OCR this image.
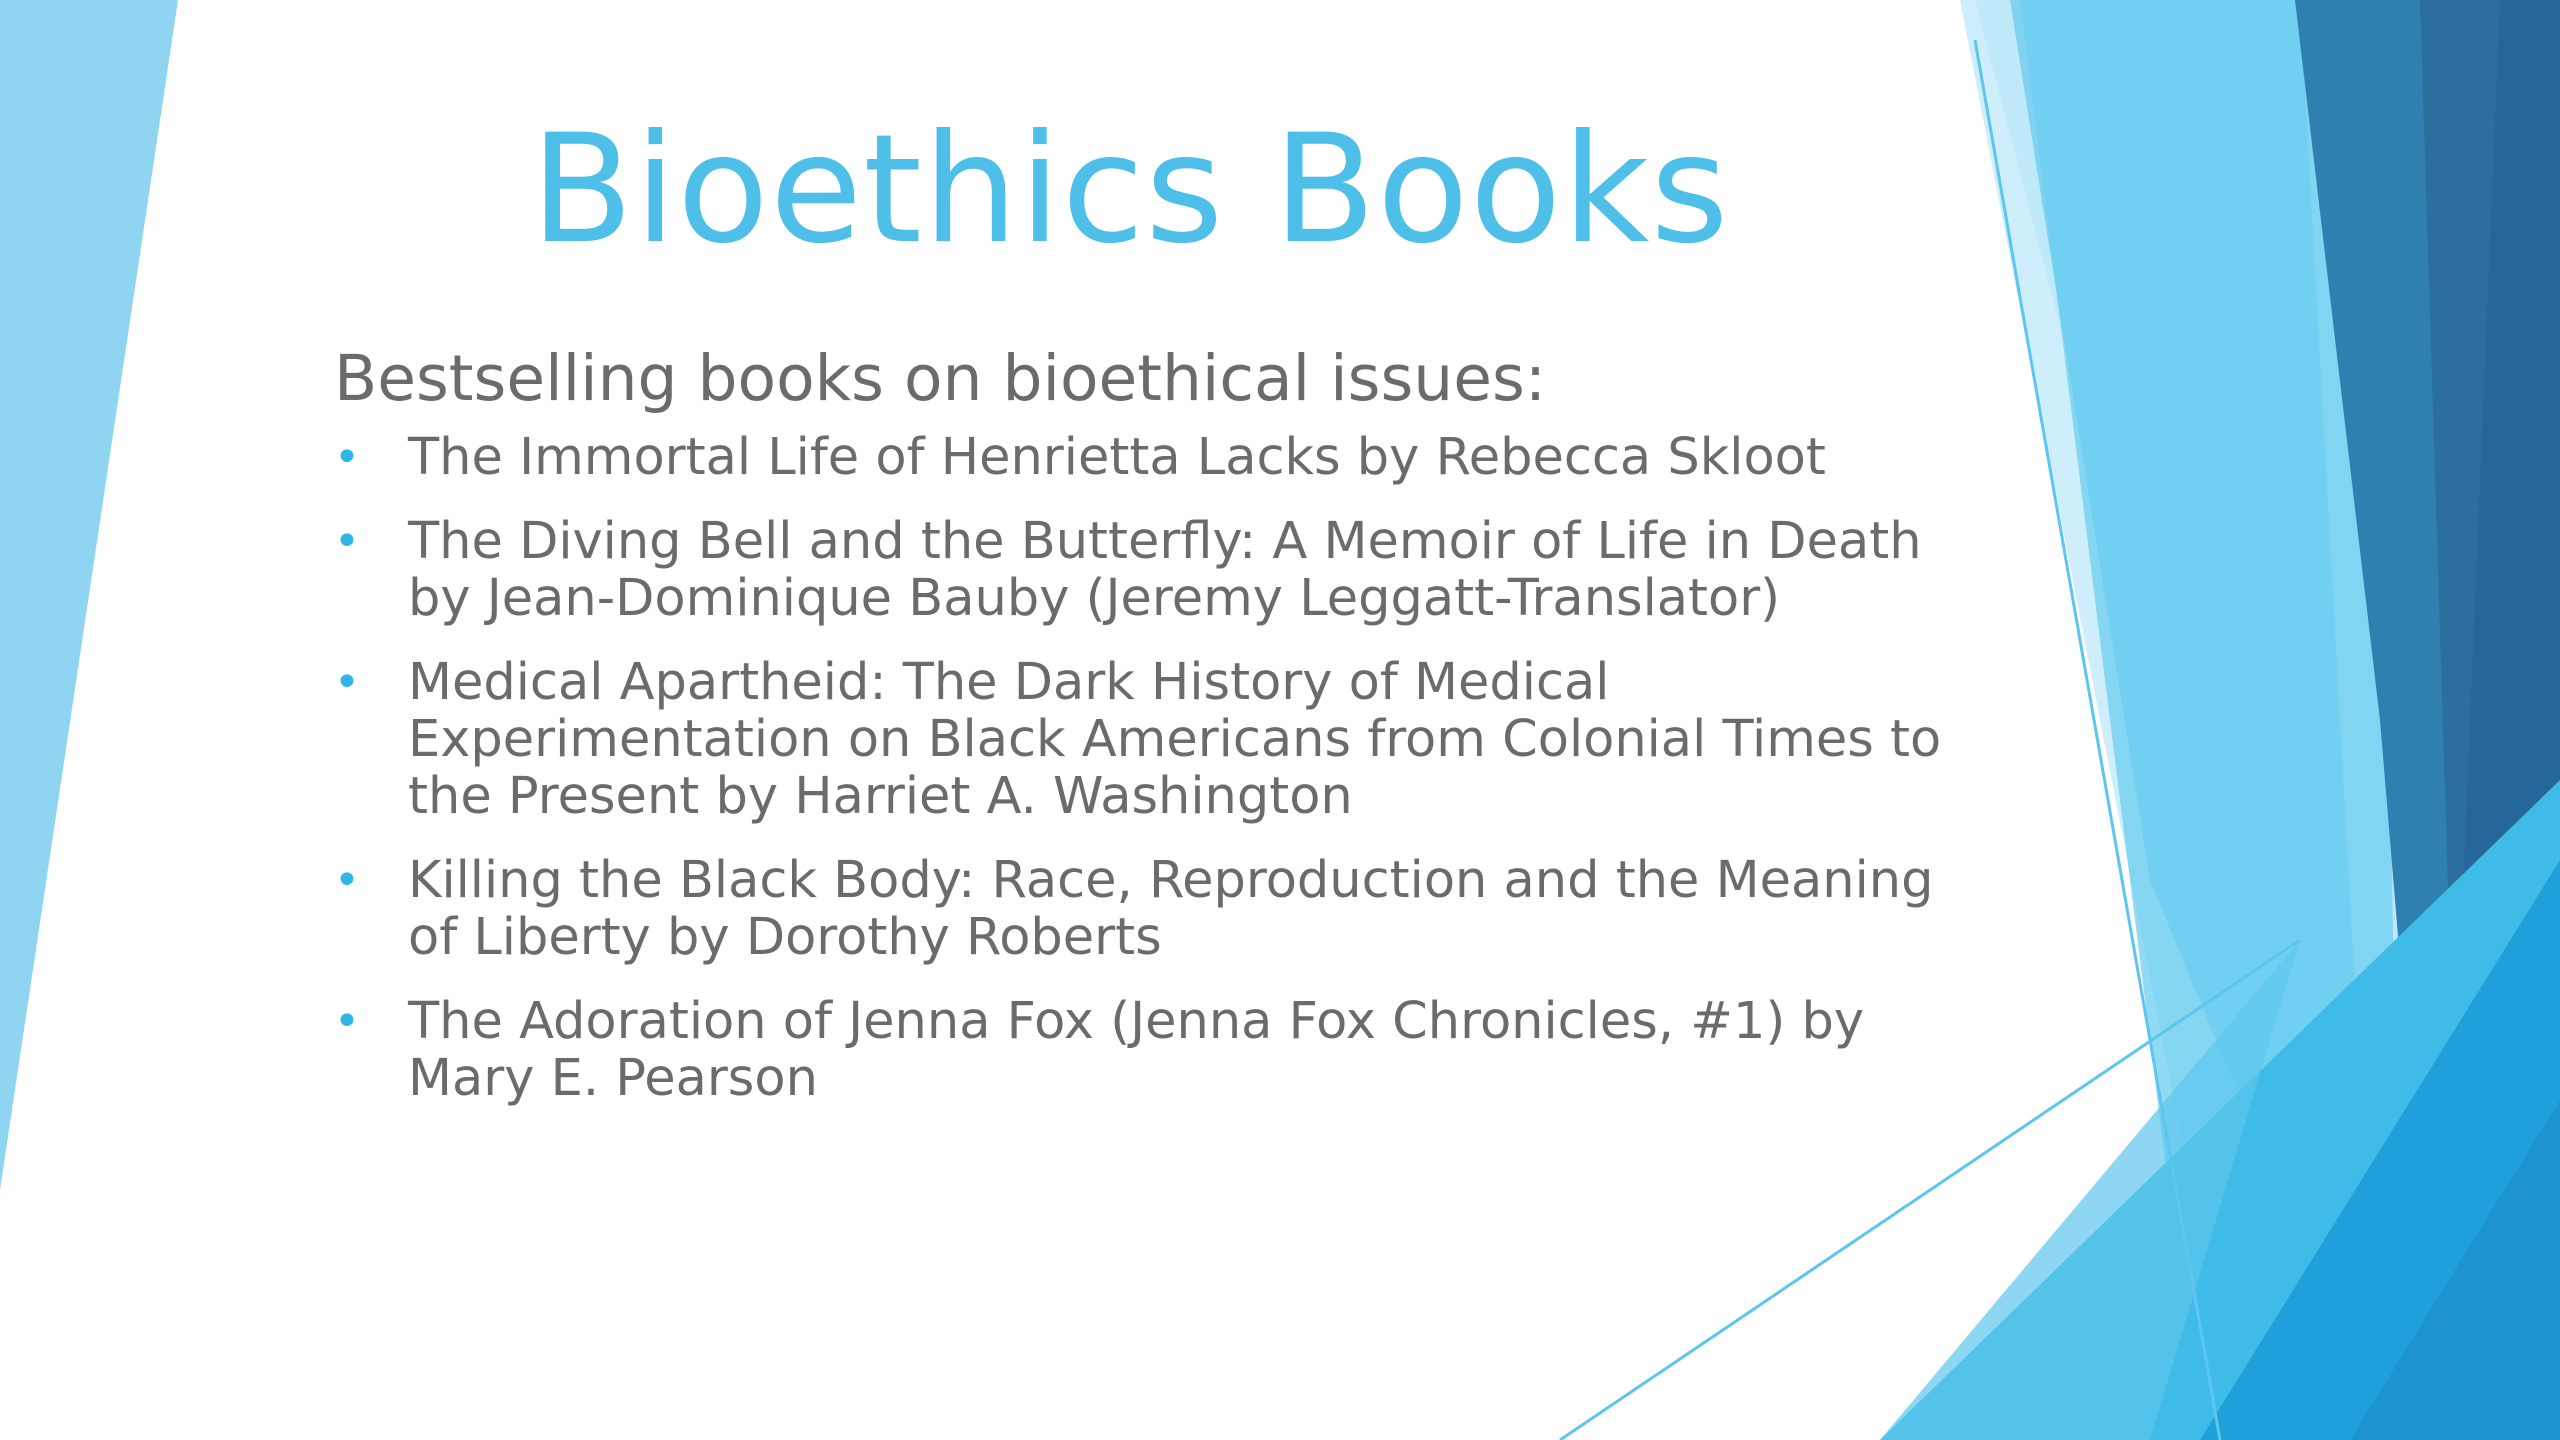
Bioethics Books
Bestselling books on bioethical issues:
• The Immortal Life of Henrietta Lacks by Rebecca Skloot
• The Diving Bell and the Butterfly: A Memoir of Life in Death by Jean-Dominique Bauby (Jeremy Leggatt-Translator)
• Medical Apartheid: The Dark History of Medical Experimentation on Black Americans from Colonial Times to the Present by Harriet A. Washington
• Killing the Black Body: Race, Reproduction and the Meaning of Liberty by Dorothy Roberts
• The Adoration of Jenna Fox (Jenna Fox Chronicles, #1) by Mary E. Pearson
